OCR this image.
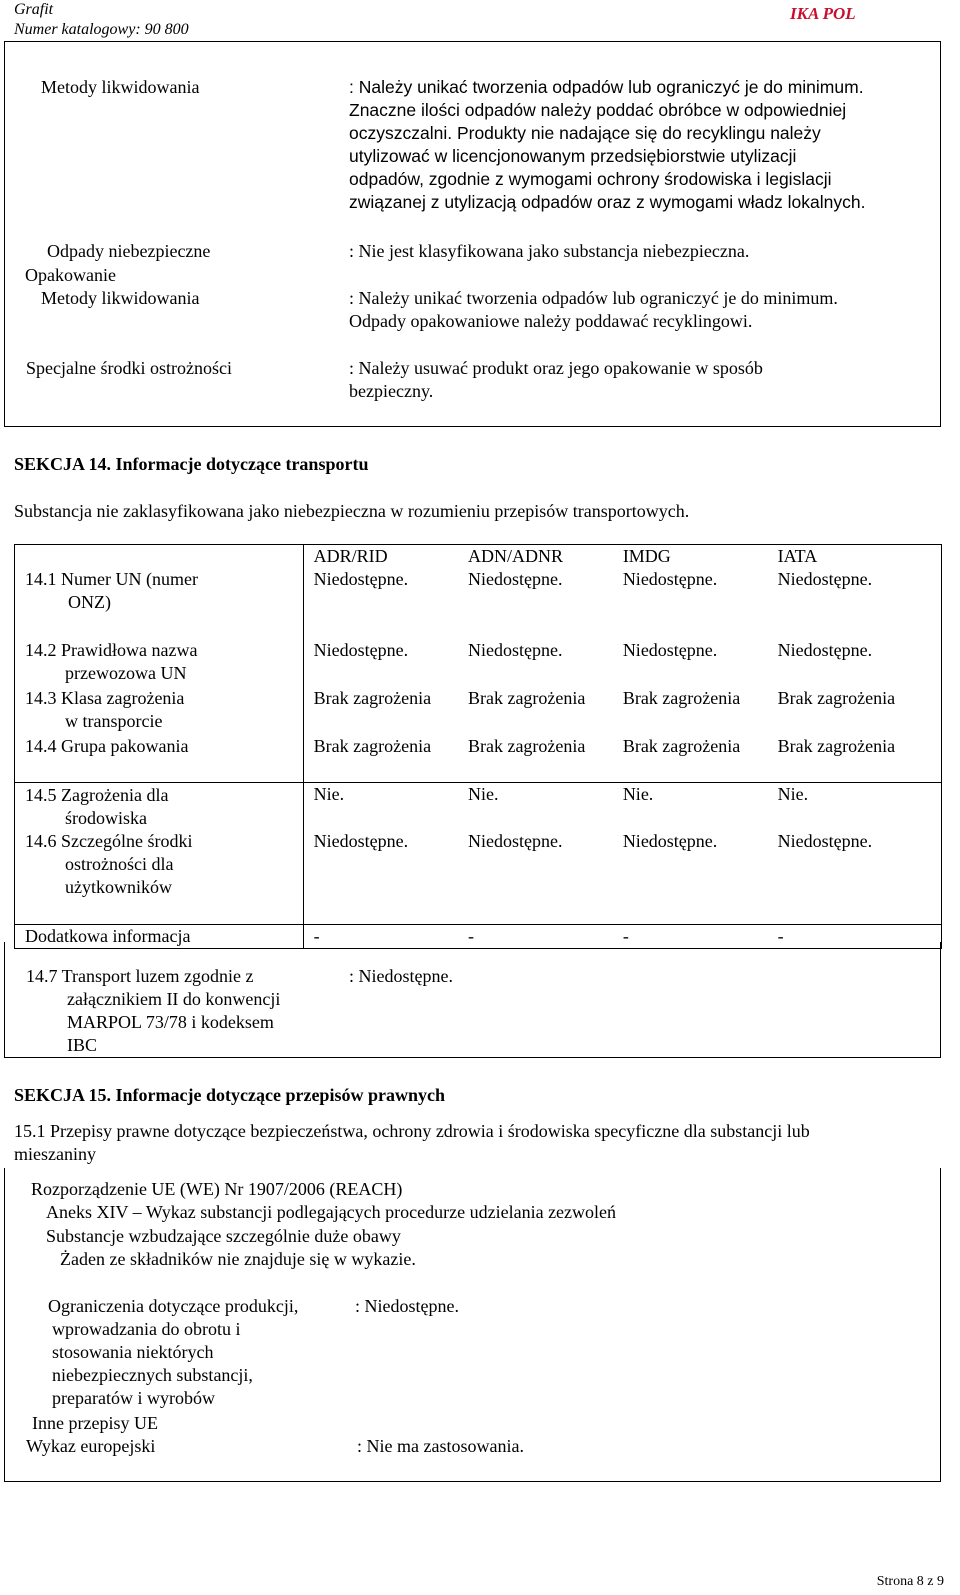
Grafit
Numer katalogowy: 90 800
IKA POL
Metody likwidowania	: Należy unikać tworzenia odpadów lub ograniczyć je do minimum.
Znaczne ilości odpadów należy poddać obróbce w odpowiedniej
oczyszczalni. Produkty nie nadające się do recyklingu należy
utylizować w licencjonowanym przedsiębiorstwie utylizacji
odpadów, zgodnie z wymogami ochrony środowiska i legislacji
związanej z utylizacją odpadów oraz z wymogami władz lokalnych.
Odpady niebezpieczne	: Nie jest klasyfikowana jako substancja niebezpieczna.
Opakowanie
Metody likwidowania	: Należy unikać tworzenia odpadów lub ograniczyć je do minimum.
Odpady opakowaniowe należy poddawać recyklingowi.
Specjalne środki ostrożności	: Należy usuwać produkt oraz jego opakowanie w sposób
bezpieczny.
SEKCJA 14. Informacje dotyczące transportu
Substancja nie zaklasyfikowana jako niebezpieczna w rozumieniu przepisów transportowych.
	ADR/RID	ADN/ADNR	IMDG	IATA
14.1 Numer UN (numer
ONZ)	Niedostępne.	Niedostępne.	Niedostępne.	Niedostępne.
14.2 Prawidłowa nazwa
przewozowa UN	Niedostępne.	Niedostępne.	Niedostępne.	Niedostępne.
14.3 Klasa zagrożenia
w transporcie	Brak zagrożenia	Brak zagrożenia	Brak zagrożenia	Brak zagrożenia
14.4 Grupa pakowania	Brak zagrożenia	Brak zagrożenia	Brak zagrożenia	Brak zagrożenia
14.5 Zagrożenia dla
środowiska	Nie.	Nie.	Nie.	Nie.
14.6 Szczególne środki
ostrożności dla
użytkowników	Niedostępne.	Niedostępne.	Niedostępne.	Niedostępne.
Dodatkowa informacja	-	-	-	-
14.7 Transport luzem zgodnie z
załącznikiem II do konwencji
MARPOL 73/78 i kodeksem
IBC
: Niedostępne.
SEKCJA 15. Informacje dotyczące przepisów prawnych
15.1 Przepisy prawne dotyczące bezpieczeństwa, ochrony zdrowia i środowiska specyficzne dla substancji lub
mieszaniny
Rozporządzenie UE (WE) Nr 1907/2006 (REACH)
Aneks XIV – Wykaz substancji podlegających procedurze udzielania zezwoleń
Substancje wzbudzające szczególnie duże obawy
Żaden ze składników nie znajduje się w wykazie.
Ograniczenia dotyczące produkcji,
wprowadzania do obrotu i
stosowania niektórych
niebezpiecznych substancji,
preparatów i wyrobów
: Niedostępne.
Inne przepisy UE
Wykaz europejski	: Nie ma zastosowania.
Strona 8 z 9
